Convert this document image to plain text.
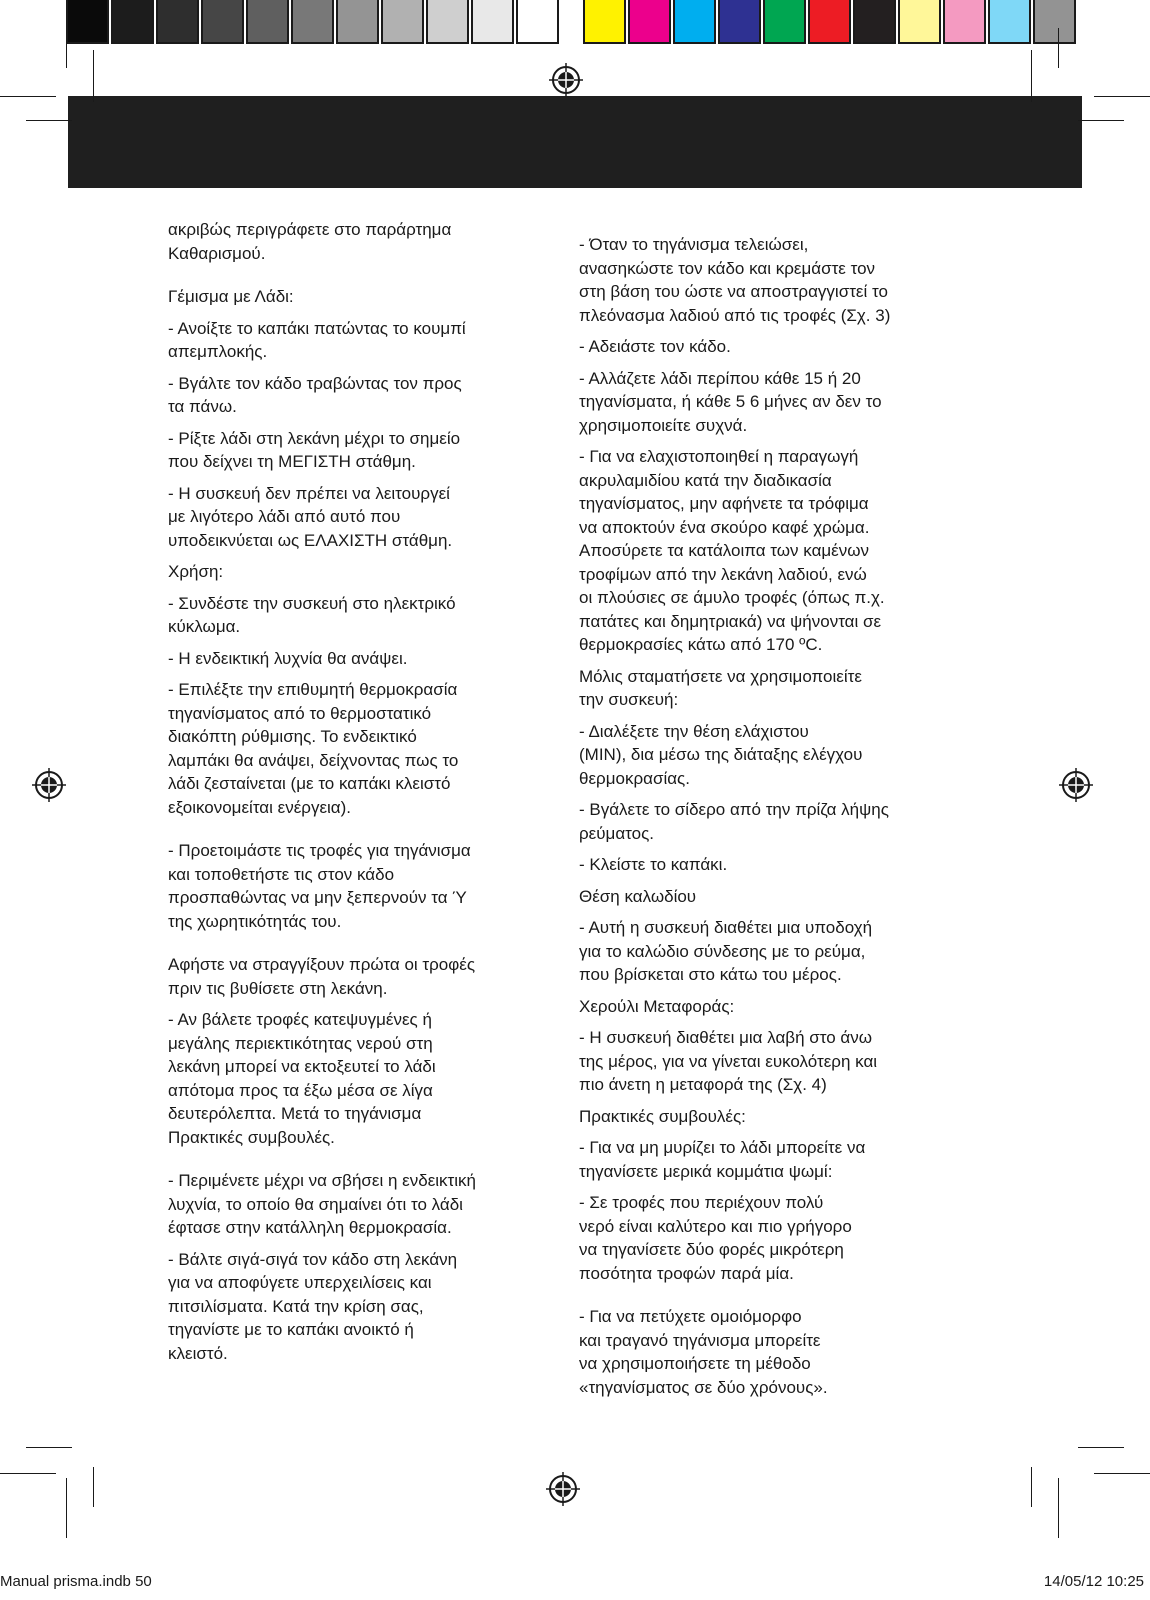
ακριβώς περιγράφετε στο παράρτημα
Καθαρισμού.

Γέμισμα με Λάδι:

- Ανοίξτε το καπάκι πατώντας το κουμπί
απεμπλοκής.

- Βγάλτε τον κάδο τραβώντας τον προς
τα πάνω.

- Ρίξτε λάδι στη λεκάνη μέχρι το σημείο
που δείχνει τη ΜΕΓΙΣΤΗ στάθμη.

- Η συσκευή δεν πρέπει να λειτουργεί
με λιγότερο λάδι από αυτό που
υποδεικνύεται ως ΕΛΑΧΙΣΤΗ στάθμη.

Χρήση:

- Συνδέστε την συσκευή στο ηλεκτρικό
κύκλωμα.

- Η ενδεικτική λυχνία θα ανάψει.

- Επιλέξτε την επιθυμητή θερμοκρασία
τηγανίσματος από το θερμοστατικό
διακόπτη ρύθμισης. Το ενδεικτικό
λαμπάκι θα ανάψει, δείχνοντας πως το
λάδι ζεσταίνεται (με το καπάκι κλειστό
εξοικονομείται ενέργεια).

- Προετοιμάστε τις τροφές για τηγάνισμα
και τοποθετήστε τις στον κάδο
προσπαθώντας να μην ξεπερνούν τα Ύ
της χωρητικότητάς του.

Αφήστε να στραγγίξουν πρώτα οι τροφές
πριν τις βυθίσετε στη λεκάνη.

- Αν βάλετε τροφές κατεψυγμένες ή
μεγάλης περιεκτικότητας νερού στη
λεκάνη μπορεί να εκτοξευτεί το λάδι
απότομα προς τα έξω μέσα σε λίγα
δευτερόλεπτα. Μετά το τηγάνισμα
Πρακτικές συμβουλές.

- Περιμένετε μέχρι να σβήσει η ενδεικτική
λυχνία, το οποίο θα σημαίνει ότι το λάδι
έφτασε στην κατάλληλη θερμοκρασία.

- Βάλτε σιγά-σιγά τον κάδο στη λεκάνη
για να αποφύγετε υπερχειλίσεις και
πιτσιλίσματα. Κατά την κρίση σας,
τηγανίστε με το καπάκι ανοικτό ή
κλειστό.

- Όταν το τηγάνισμα τελειώσει,
ανασηκώστε τον κάδο και κρεμάστε τον
στη βάση του ώστε να αποστραγγιστεί το
πλεόνασμα λαδιού από τις τροφές (Σχ. 3)

- Αδειάστε τον κάδο.

- Αλλάζετε λάδι περίπου κάθε 15 ή 20
τηγανίσματα, ή κάθε 5 6 μήνες αν δεν το
χρησιμοποιείτε συχνά.

- Για να ελαχιστοποιηθεί η παραγωγή
ακρυλαμιδίου κατά την διαδικασία
τηγανίσματος, μην αφήνετε τα τρόφιμα
να αποκτούν ένα σκούρο καφέ χρώμα.
Αποσύρετε τα κατάλοιπα των καμένων
τροφίμων από την λεκάνη λαδιού, ενώ
οι πλούσιες σε άμυλο τροφές (όπως π.χ.
πατάτες και δημητριακά) να ψήνονται σε
θερμοκρασίες κάτω από 170 ºC.

Μόλις σταματήσετε να χρησιμοποιείτε
την συσκευή:

- Διαλέξετε την θέση ελάχιστου
(MIN), δια μέσω της διάταξης ελέγχου
θερμοκρασίας.

- Βγάλετε το σίδερο από την πρίζα λήψης
ρεύματος.

- Κλείστε το καπάκι.

Θέση καλωδίου

- Αυτή η συσκευή διαθέτει μια υποδοχή
για το καλώδιο σύνδεσης με το ρεύμα,
που βρίσκεται στο κάτω του μέρος.

Χερούλι Μεταφοράς:

- Η συσκευή διαθέτει μια λαβή στο άνω
της μέρος, για να γίνεται ευκολότερη και
πιο άνετη η μεταφορά της (Σχ. 4)

Πρακτικές συμβουλές:

- Για να μη μυρίζει το λάδι μπορείτε να
τηγανίσετε μερικά κομμάτια ψωμί:

- Σε τροφές που περιέχουν πολύ
νερό είναι καλύτερο και πιο γρήγορο
να τηγανίσετε δύο φορές μικρότερη
ποσότητα τροφών παρά μία.

- Για να πετύχετε ομοιόμορφο
και τραγανό τηγάνισμα μπορείτε
να χρησιμοποιήσετε τη μέθοδο
«τηγανίσματος σε δύο χρόνους».

Manual prisma.indb 50	14/05/12 10:25
